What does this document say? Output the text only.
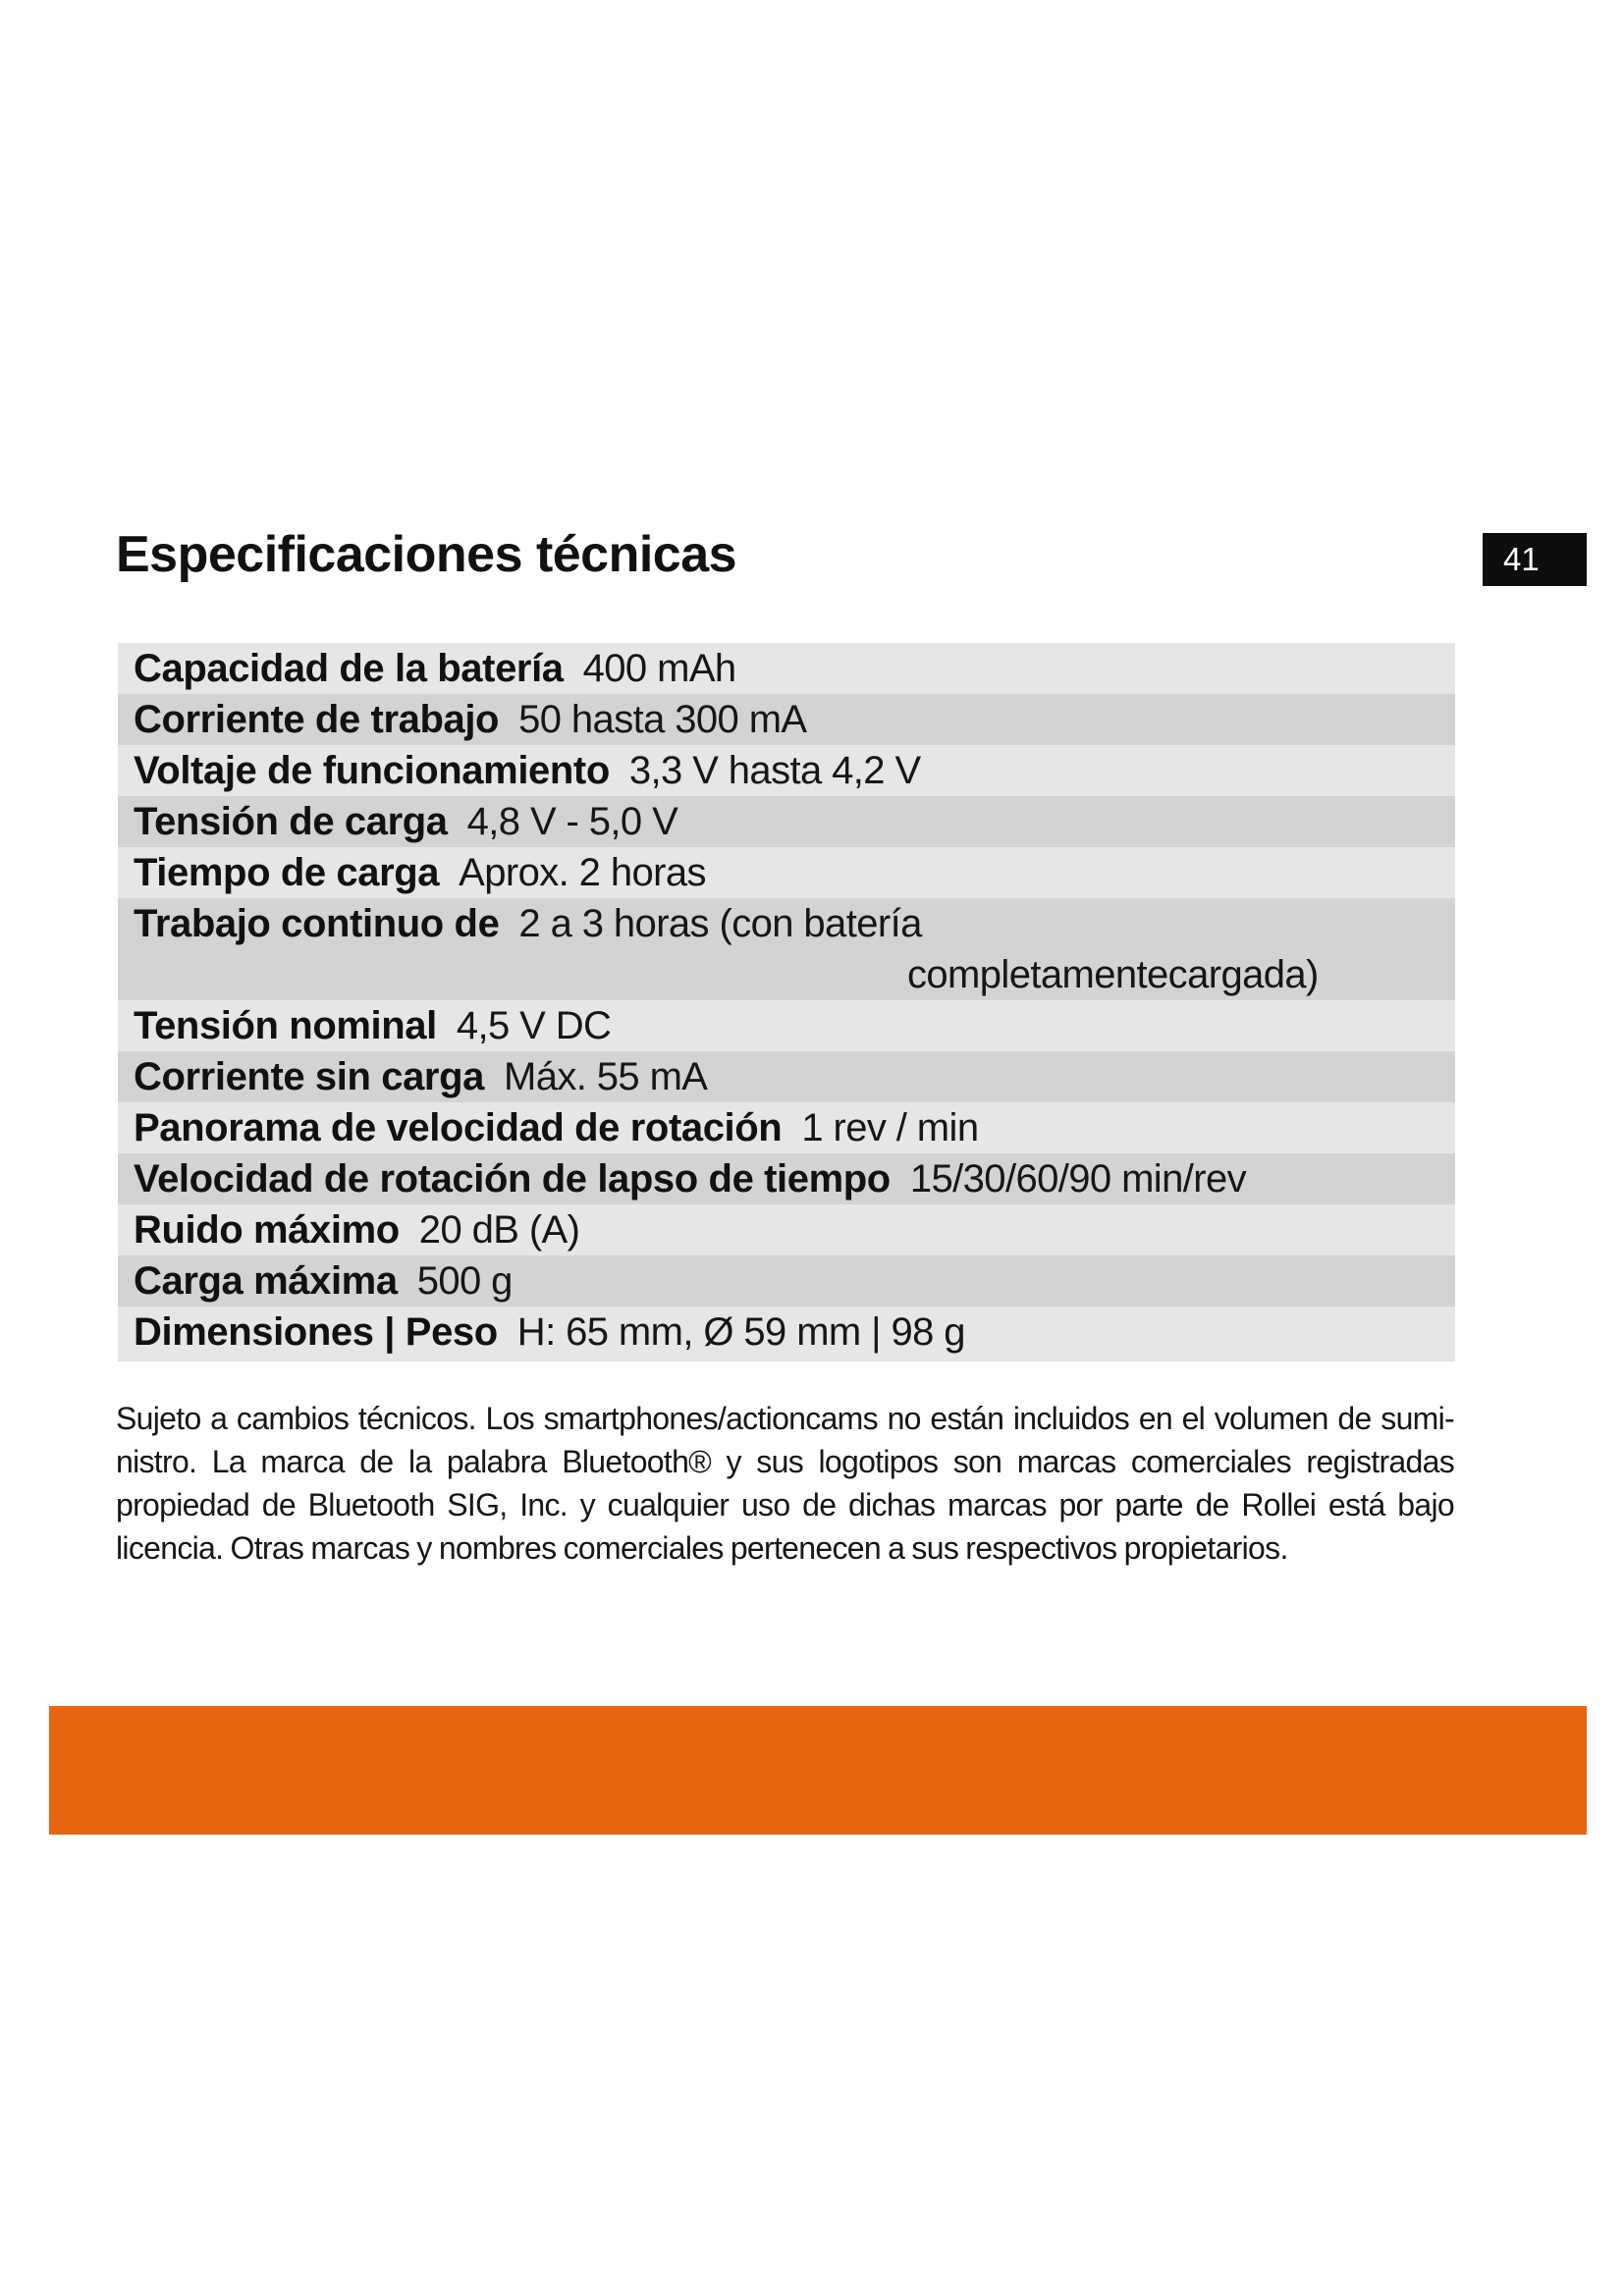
Especificaciones técnicas	41
Capacidad de la batería 400 mAh
Corriente de trabajo 50 hasta 300 mA
Voltaje de funcionamiento 3,3 V hasta 4,2 V
Tensión de carga 4,8 V - 5,0 V
Tiempo de carga Aprox. 2 horas
Trabajo continuo de 2 a 3 horas (con batería
completamentecargada)
Tensión nominal 4,5 V DC
Corriente sin carga Máx. 55 mA
Panorama de velocidad de rotación 1 rev / min
Velocidad de rotación de lapso de tiempo 15/30/60/90 min/rev
Ruido máximo 20 dB (A)
Carga máxima 500 g
Dimensiones | Peso H: 65 mm, Ø 59 mm | 98 g

Sujeto a cambios técnicos. Los smartphones/actioncams no están incluidos en el volumen de sumi-nistro. La marca de la palabra Bluetooth® y sus logotipos son marcas comerciales registradas propiedad de Bluetooth SIG, Inc. y cualquier uso de dichas marcas por parte de Rollei está bajo licencia. Otras marcas y nombres comerciales pertenecen a sus respectivos propietarios.
